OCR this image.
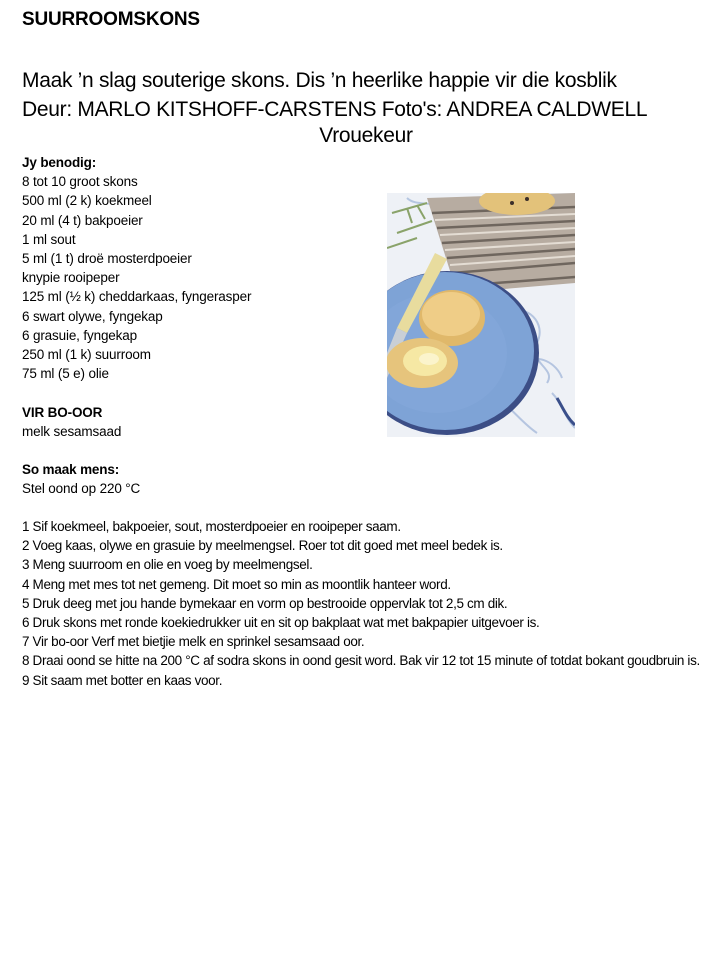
SUURROOMSKONS
Maak ’n slag souterige skons. Dis ’n heerlike happie vir die kosblik
Deur: MARLO KITSHOFF-CARSTENS Foto's: ANDREA CALDWELL
Vrouekeur
Jy benodig:
8 tot 10 groot skons
500 ml (2 k) koekmeel
20 ml (4 t) bakpoeier
1 ml sout
5 ml (1 t) droë mosterdpoeier
knypie rooipeper
125 ml (½ k) cheddarkaas, fyngerasper
6 swart olywe, fyngekap
6 grasuie, fyngekap
250 ml (1 k) suurroom
75 ml (5 e) olie
VIR BO-OOR
melk sesamsaad
So maak mens:
Stel oond op 220 °C
1 Sif koekmeel, bakpoeier, sout, mosterdpoeier en rooipeper saam.
2 Voeg kaas, olywe en grasuie by meelmengsel. Roer tot dit goed met meel bedek is.
3 Meng suurroom en olie en voeg by meelmengsel.
4 Meng met mes tot net gemeng. Dit moet so min as moontlik hanteer word.
5 Druk deeg met jou hande bymekaar en vorm op bestrooide oppervlak tot 2,5 cm dik.
6 Druk skons met ronde koekiedrukker uit en sit op bakplaat wat met bakpapier uitgevoer is.
7 Vir bo-oor Verf met bietjie melk en sprinkel sesamsaad oor.
8 Draai oond se hitte na 200 °C af sodra skons in oond gesit word. Bak vir 12 tot 15 minute of totdat bokant goudbruin is.
9 Sit saam met botter en kaas voor.
